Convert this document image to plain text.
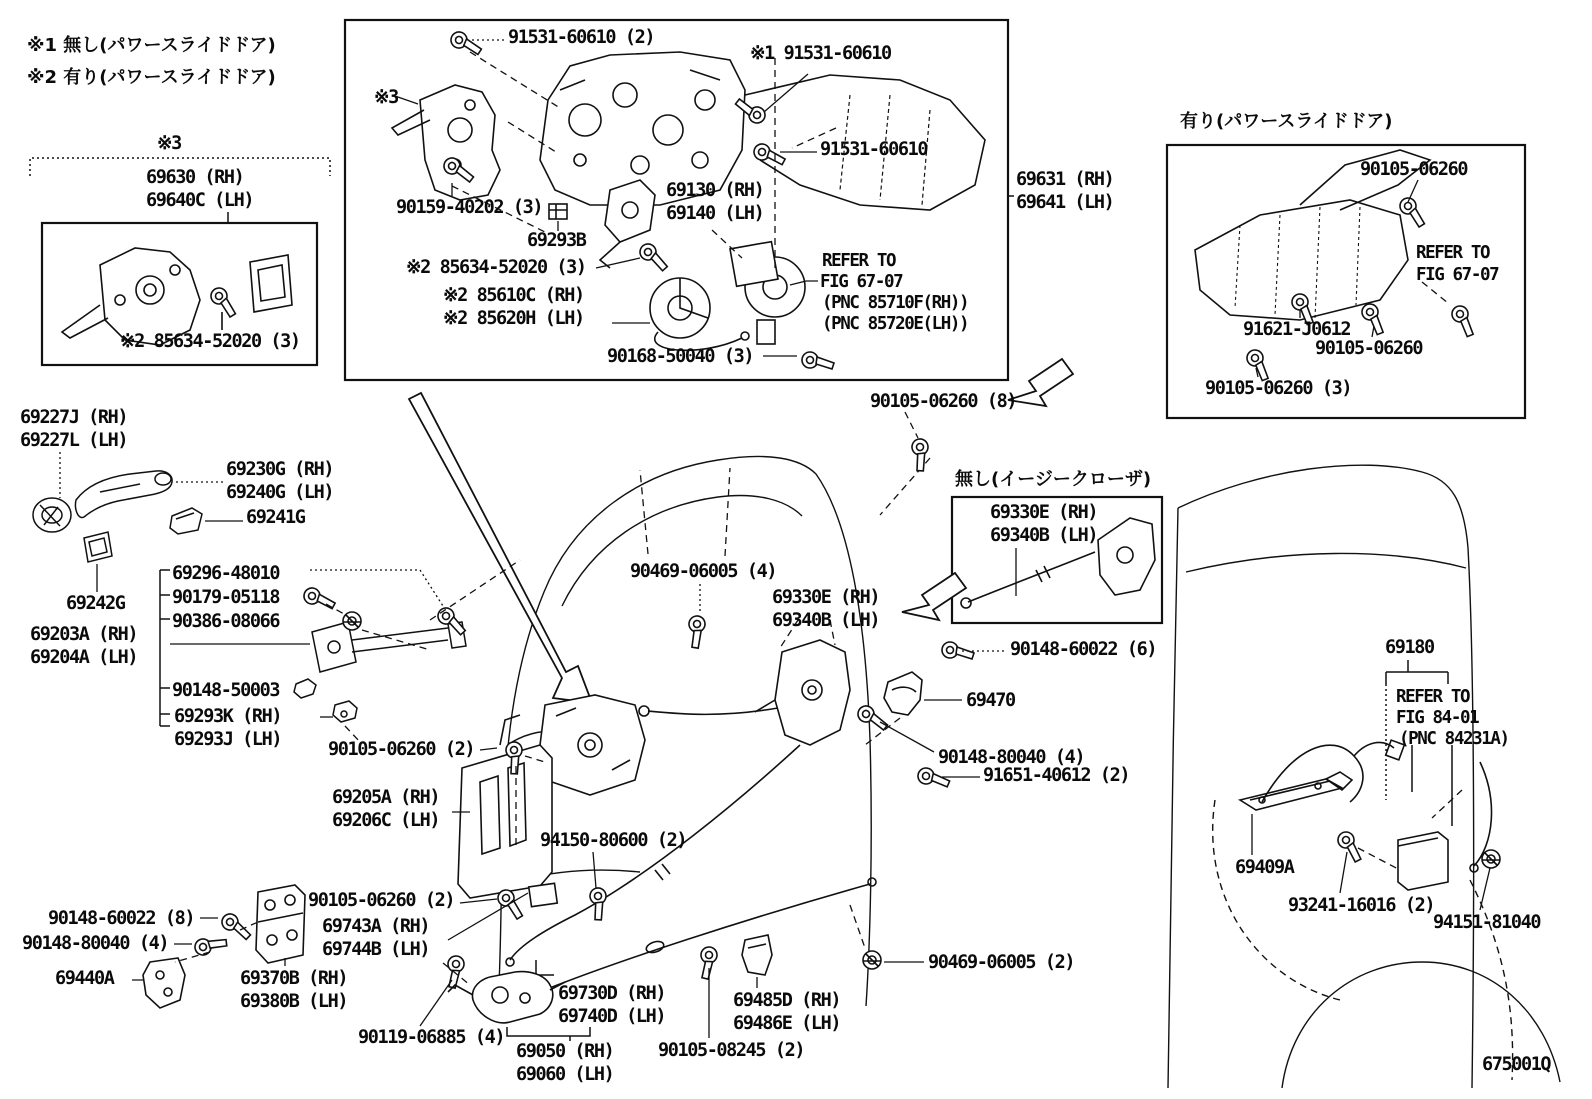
※1 無し(パワースライドドア)
※2 有り(パワースライドドア)
※3
69630 (RH)
69640C (LH)
※2 85634-52020 (3)
91531-60610 (2)
※1 91531-60610
91531-60610
※3
90159-40202 (3)
69293B
※2 85634-52020 (3)
※2 85610C (RH)
※2 85620H (LH)
69130 (RH)
69140 (LH)
REFER TO
FIG 67-07
(PNC 85710F(RH))
(PNC 85720E(LH))
90168-50040 (3)
69631 (RH)
69641 (LH)
有り(パワースライドドア)
90105-06260
REFER TO
FIG 67-07
91621-J0612
90105-06260
90105-06260 (3)
90105-06260 (8)
69227J (RH)
69227L (LH)
69230G (RH)
69240G (LH)
69241G
69242G
69296-48010
90179-05118
90386-08066
69203A (RH)
69204A (LH)
90148-50003
69293K (RH)
69293J (LH)	90105-06260 (2)
90469-06005 (4)
69330E (RH)
69340B (LH)
無し(イージークローザ)
69330E (RH)
69340B (LH)
90148-60022 (6)
69470
90148-80040 (4)
91651-40612 (2)
69205A (RH)
69206C (LH)
94150-80600 (2)
90105-06260 (2)
69743A (RH)
69744B (LH)
90148-60022 (8)
90148-80040 (4)
69440A	69370B (RH)
69380B (LH)
90119-06885 (4)
69730D (RH)
69740D (LH)
69050 (RH)
69060 (LH)
90105-08245 (2)
69485D (RH)
69486E (LH)
90469-06005 (2)
69180
REFER TO
FIG 84-01
(PNC 84231A)
69409A
93241-16016 (2)
94151-81040
675001Q
